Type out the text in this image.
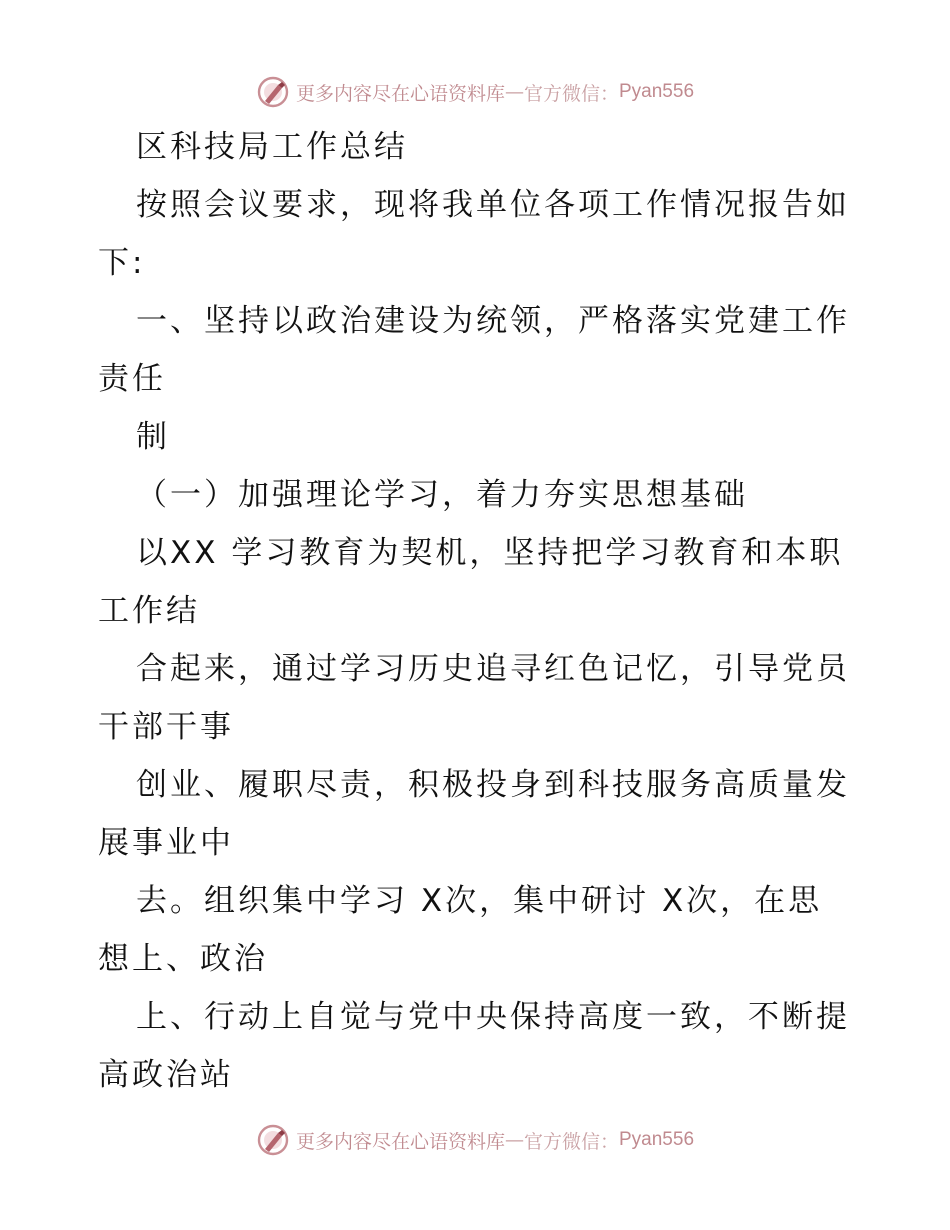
更多内容尽在心语资料库 — 官方微信： Pyan556
区科技局工作总结
按照会议要求，现将我单位各项工作情况报告如
下:
一、坚持以政治建设为统领，严格落实党建工作
责任
制
（一）加强理论学习，着力夯实思想基础
以XX 学习教育为契机，坚持把学习教育和本职
工作结
合起来，通过学习历史追寻红色记忆，引导党员
干部干事
创业、履职尽责，积极投身到科技服务高质量发
展事业中
去。组织集中学习 X次，集中研讨 X次，在思
想上、政治
上、行动上自觉与党中央保持高度一致，不断提
高政治站
更多内容尽在心语资料库 — 官方微信： Pyan556
